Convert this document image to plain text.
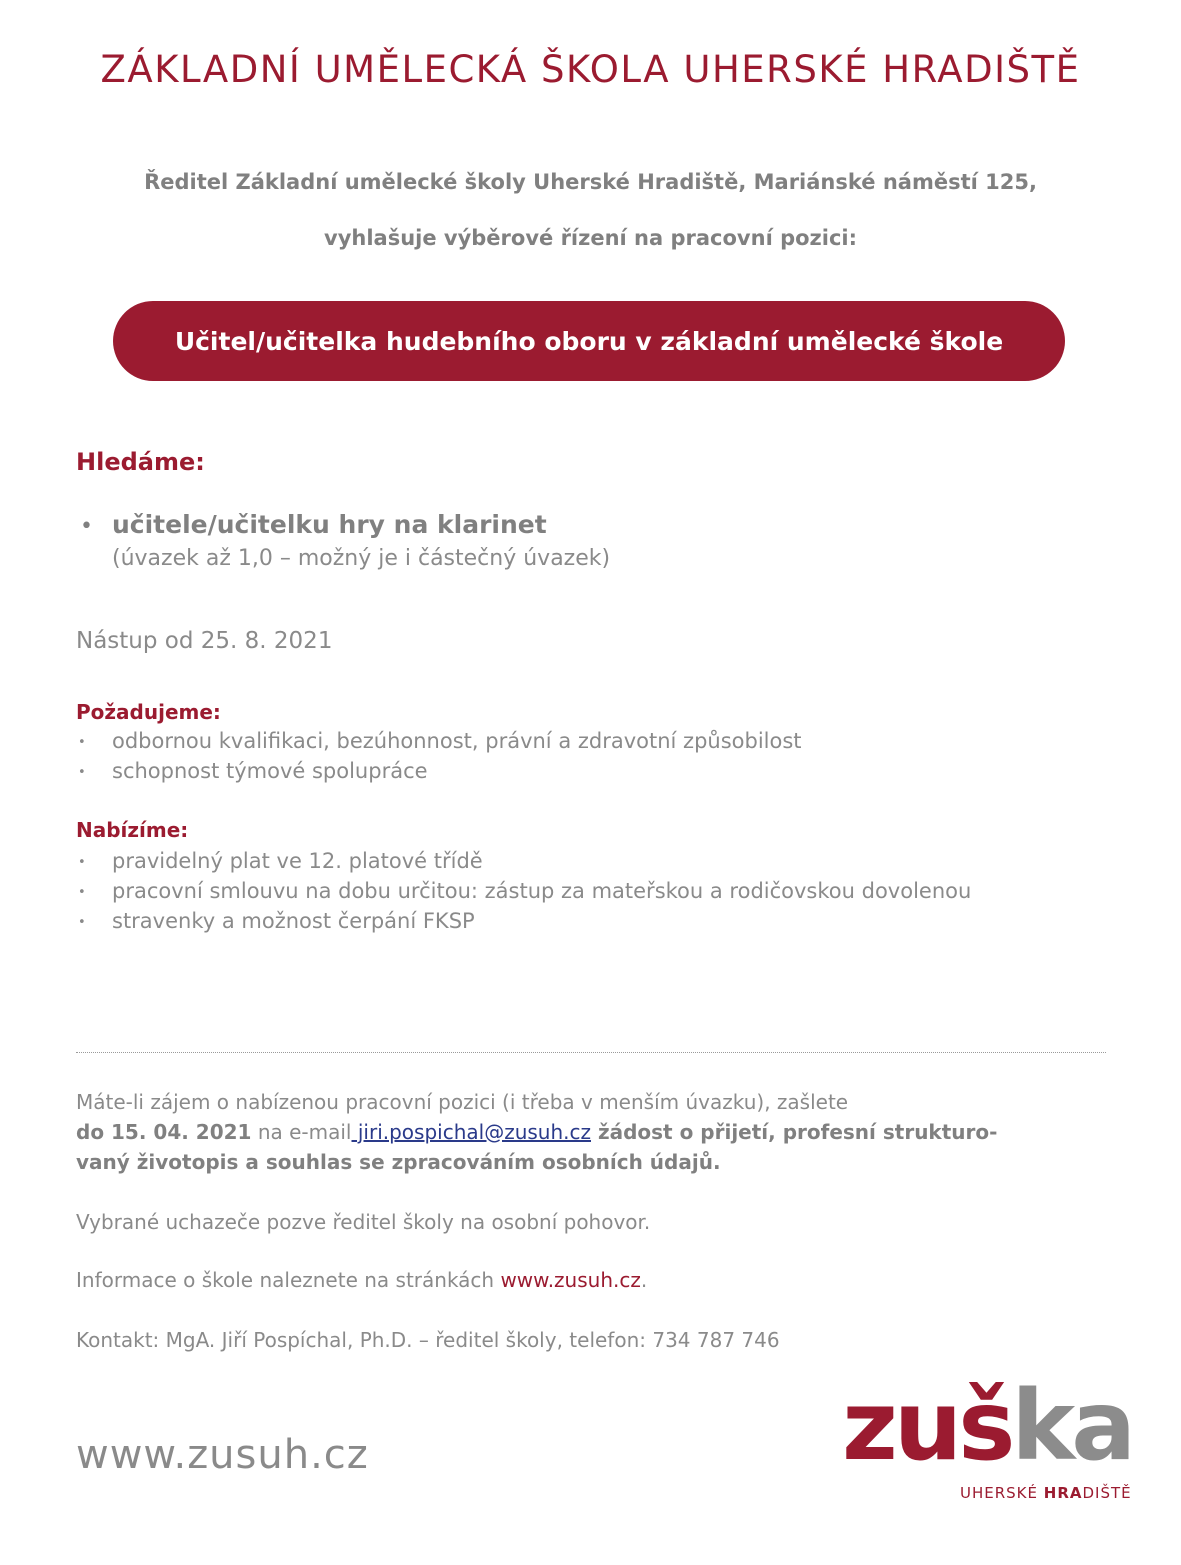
ZÁKLADNÍ UMĚLECKÁ ŠKOLA UHERSKÉ HRADIŠTĚ
Ředitel Základní umělecké školy Uherské Hradiště, Mariánské náměstí 125,
vyhlašuje výběrové řízení na pracovní pozici:
Učitel/učitelka hudebního oboru v základní umělecké škole
Hledáme:
• učitele/učitelku hry na klarinet
(úvazek až 1,0 – možný je i částečný úvazek)
Nástup od 25. 8. 2021
Požadujeme:
• odbornou kvalifikaci, bezúhonnost, právní a zdravotní způsobilost
• schopnost týmové spolupráce
Nabízíme:
• pravidelný plat ve 12. platové třídě
• pracovní smlouvu na dobu určitou: zástup za mateřskou a rodičovskou dovolenou
• stravenky a možnost čerpání FKSP
Máte-li zájem o nabízenou pracovní pozici (i třeba v menším úvazku), zašlete
do 15. 04. 2021 na e-mail jiri.pospichal@zusuh.cz žádost o přijetí, profesní strukturo-
vaný životopis a souhlas se zpracováním osobních údajů.
Vybrané uchazeče pozve ředitel školy na osobní pohovor.
Informace o škole naleznete na stránkách www.zusuh.cz.
Kontakt: MgA. Jiří Pospíchal, Ph.D. – ředitel školy, telefon: 734 787 746
www.zusuh.cz	zuška
UHERSKÉ HRADIŠTĚ
